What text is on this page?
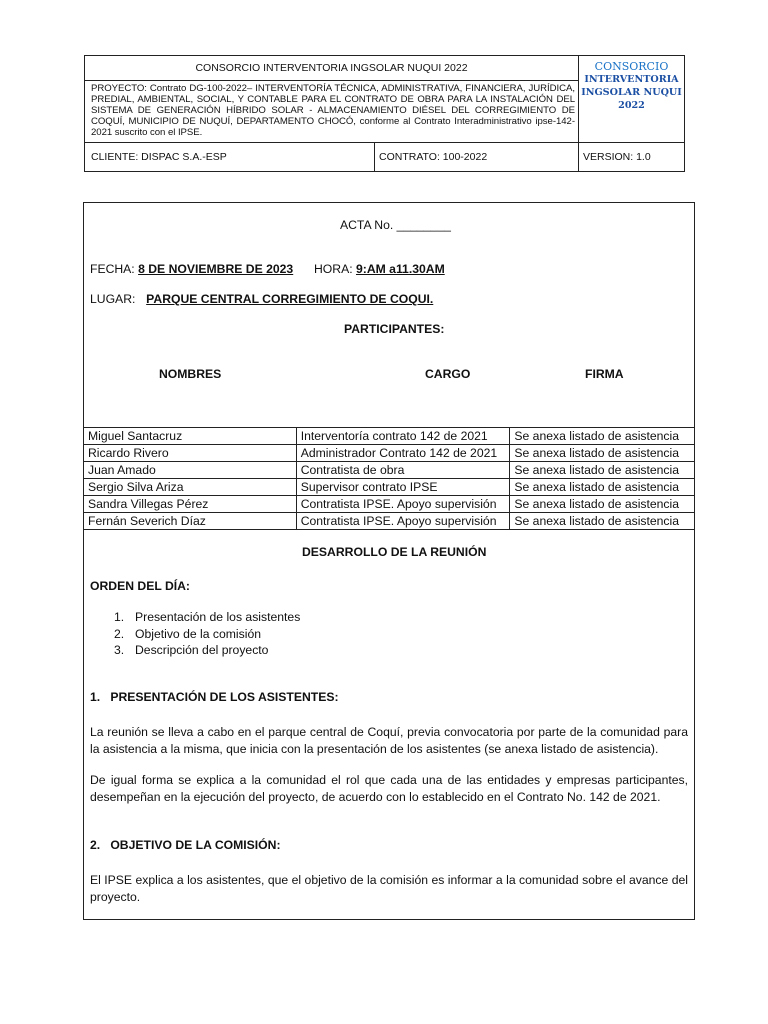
CONSORCIO INTERVENTORIA INGSOLAR NUQUI 2022
PROYECTO: Contrato DG-100-2022– INTERVENTORÍA TÉCNICA, ADMINISTRATIVA, FINANCIERA, JURÍDICA, PREDIAL, AMBIENTAL, SOCIAL, Y CONTABLE PARA EL CONTRATO DE OBRA PARA LA INSTALACIÓN DEL SISTEMA DE GENERACIÓN HÍBRIDO SOLAR - ALMACENAMIENTO DIÉSEL DEL CORREGIMIENTO DE COQUÍ, MUNICIPIO DE NUQUÍ, DEPARTAMENTO CHOCÓ, conforme al Contrato Interadministrativo ipse-142-2021 suscrito con el IPSE.
CONSORCIO
INTERVENTORIA
INGSOLAR NUQUI
2022
CLIENTE: DISPAC S.A.-ESP	CONTRATO: 100-2022	VERSION: 1.0
ACTA No. ________
FECHA: 8 DE NOVIEMBRE DE 2023 HORA: 9:AM a11.30AM
LUGAR: PARQUE CENTRAL CORREGIMIENTO DE COQUI.
PARTICIPANTES:
NOMBRES	CARGO	FIRMA
Miguel Santacruz	Interventoría contrato 142 de 2021	Se anexa listado de asistencia
Ricardo Rivero	Administrador Contrato 142 de 2021	Se anexa listado de asistencia
Juan Amado	Contratista de obra	Se anexa listado de asistencia
Sergio Silva Ariza	Supervisor contrato IPSE	Se anexa listado de asistencia
Sandra Villegas Pérez	Contratista IPSE. Apoyo supervisión	Se anexa listado de asistencia
Fernán Severich Díaz	Contratista IPSE. Apoyo supervisión	Se anexa listado de asistencia
DESARROLLO DE LA REUNIÓN
ORDEN DEL DÍA:
1. Presentación de los asistentes
2. Objetivo de la comisión
3. Descripción del proyecto
1.   PRESENTACIÓN DE LOS ASISTENTES:
La reunión se lleva a cabo en el parque central de Coquí, previa convocatoria por parte de la comunidad para la asistencia a la misma, que inicia con la presentación de los asistentes (se anexa listado de asistencia).
De igual forma se explica a la comunidad el rol que cada una de las entidades y empresas participantes, desempeñan en la ejecución del proyecto, de acuerdo con lo establecido en el Contrato No. 142 de 2021.
2.   OBJETIVO DE LA COMISIÓN:
El IPSE explica a los asistentes, que el objetivo de la comisión es informar a la comunidad sobre el avance del proyecto.
